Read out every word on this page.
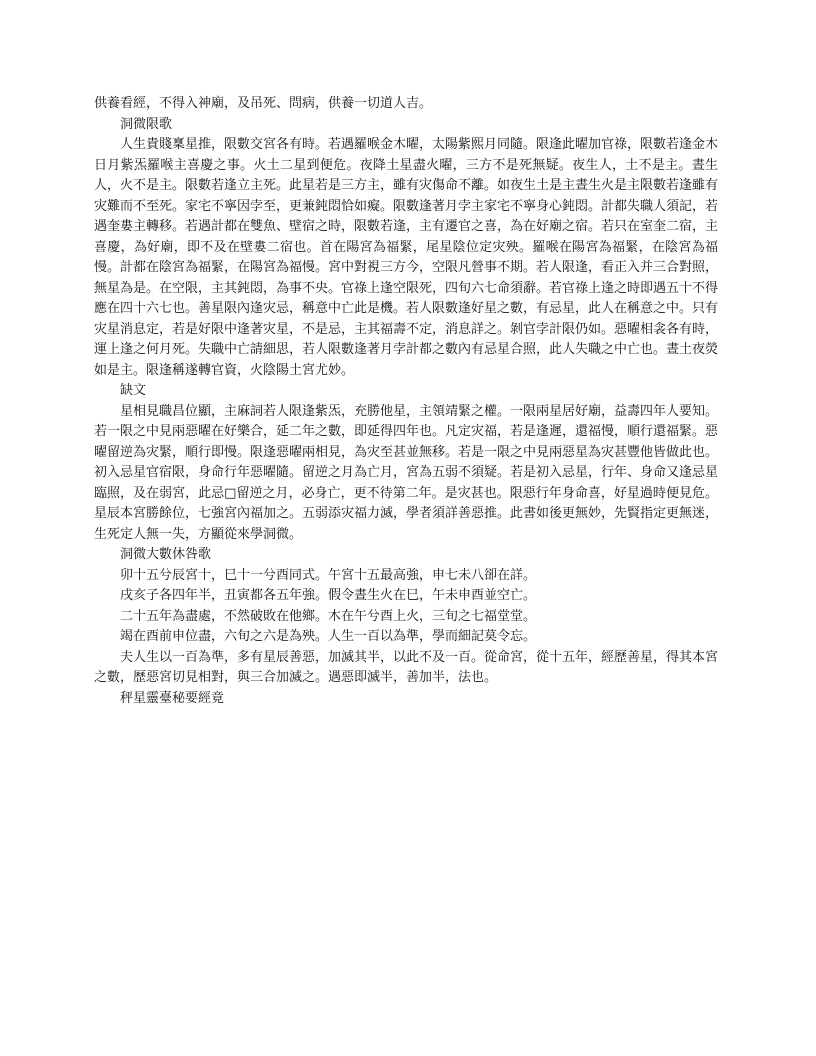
供養看經，不得入神廟，及吊死、問病，供養一切道人吉。

洞微限歌

人生貴賤稟星推，限數交宮各有時。若遇羅喉金木曜，太陽紫熙月同隨。限逢此曜加官祿，限數若逢金木日月紫炁羅喉主喜慶之事。火土二星到便危。夜降土星盡火曜，三方不是死無疑。夜生人，土不是主。晝生人，火不是主。限數若逢立主死。此星若是三方主，雖有灾傷命不離。如夜生土是主晝生火是主限數若逢雖有灾難而不至死。家宅不寧因孛至，更兼鈍悶恰如癡。限數逢著月孛主家宅不寧身心鈍悶。計都失職人須記，若遇奎婁主轉移。若遇計都在雙魚、壁宿之時，限數若逢，主有遷官之喜，為在好廟之宿。若只在室奎二宿，主喜慶，為好廟，即不及在壁婁二宿也。首在陽宮為福緊，尾星陰位定灾殃。羅喉在陽宮為福緊，在陰宮為福慢。計都在陰宮為福緊，在陽宮為福慢。宮中對視三方今，空限凡營事不期。若人限逢，看正入并三合對照，無星為是。在空限，主其鈍悶，為事不央。官祿上逢空限死，四旬六七命須辭。若官祿上逢之時即遇五十不得應在四十六七也。善星限內逢灾忌，稱意中亡此是機。若人限數逢好星之數，有忌星，此人在稱意之中。只有灾星消息定，若是好限中逢著灾星，不是忌，主其福壽不定，消息詳之。剝官孛計限仍如。惡曜相衾各有時，運上逢之何月死。失職中亡請細思，若人限數逢著月孛計都之數內有忌星合照，此人失職之中亡也。晝土夜熒如是主。限逢稱遂轉官資，火陰陽土宮尤妙。

缺文

星相見職昌位顯，主麻詞若人限逢紫炁，充勝他星，主領靖緊之權。一限兩星居好廟，益壽四年人要知。若一限之中見兩惡曜在好樂合，延二年之數，即延得四年也。凡定灾福，若是逢遲，還福慢，順行還福緊。惡曜留逆為灾緊，順行即慢。限逢惡曜兩相見，為灾至甚並無移。若是一限之中見兩惡星為灾甚豐他皆做此也。初入忌星官宿限，身命行年惡曜隨。留逆之月為亡月，宮為五弱不須疑。若是初入忌星，行年、身命又逢忌星臨照，及在弱宮，此忌□留逆之月，必身亡，更不待第二年。是灾甚也。限惡行年身命喜，好星過時便見危。星辰本宮勝餘位，七強宮內福加之。五弱添灾福力滅，學者須詳善惡推。此書如後更無妙，先賢指定更無迷，生死定人無一失，方顯從來學洞微。

洞微大數休咎歌

卯十五兮辰宮十，巳十一兮酉同式。午宮十五最高強，申七未八卻在詳。

戌亥子各四年半，丑寅都各五年強。假令晝生火在巳，午未申酉並空亡。

二十五年為盡處，不然破敗在他鄉。木在午兮酉上火，三旬之七福堂堂。

竭在酉前申位盡，六旬之六是為殃。人生一百以為準，學而細記莫令忘。

夫人生以一百為準，多有星辰善惡，加滅其半，以此不及一百。從命宮，從十五年，經歷善星，得其本宮之數，歷惡宮切見相對，與三合加滅之。遇惡即滅半，善加半，法也。

秤星靈臺秘要經竟
